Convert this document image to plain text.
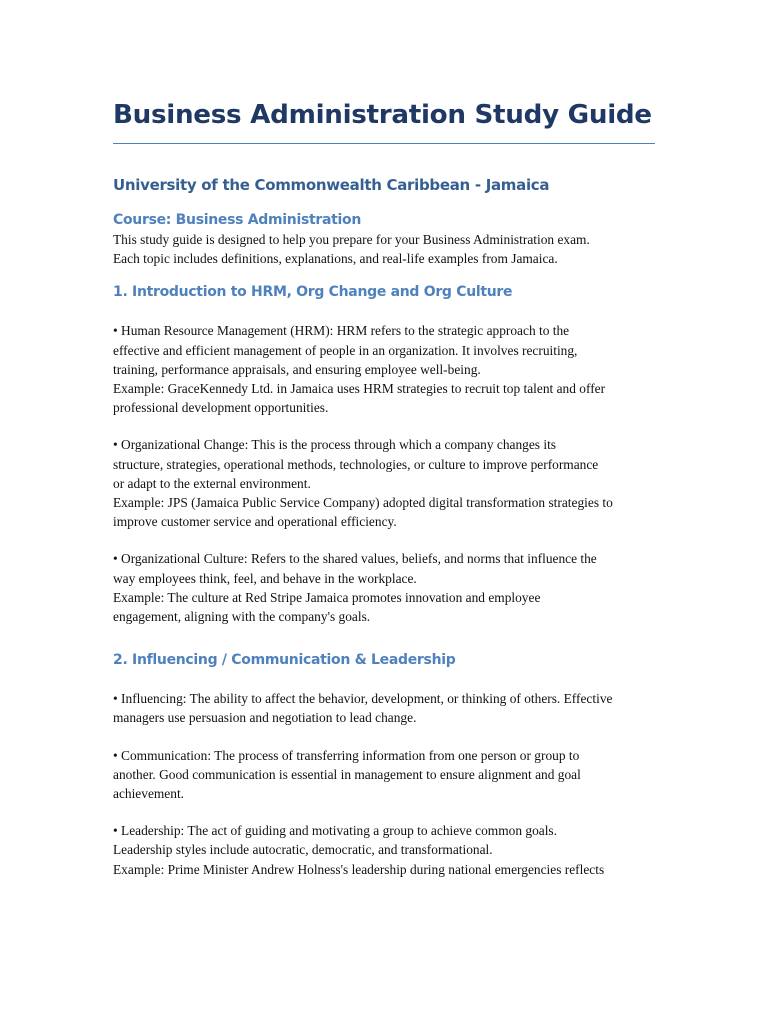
Business Administration Study Guide
University of the Commonwealth Caribbean - Jamaica
Course: Business Administration

This study guide is designed to help you prepare for your Business Administration exam.
Each topic includes definitions, explanations, and real-life examples from Jamaica.

1. Introduction to HRM, Org Change and Org Culture

• Human Resource Management (HRM): HRM refers to the strategic approach to the
effective and efficient management of people in an organization. It involves recruiting,
training, performance appraisals, and ensuring employee well-being.
Example: GraceKennedy Ltd. in Jamaica uses HRM strategies to recruit top talent and offer
professional development opportunities.

• Organizational Change: This is the process through which a company changes its
structure, strategies, operational methods, technologies, or culture to improve performance
or adapt to the external environment.
Example: JPS (Jamaica Public Service Company) adopted digital transformation strategies to
improve customer service and operational efficiency.

• Organizational Culture: Refers to the shared values, beliefs, and norms that influence the
way employees think, feel, and behave in the workplace.
Example: The culture at Red Stripe Jamaica promotes innovation and employee
engagement, aligning with the company's goals.

2. Influencing / Communication & Leadership

• Influencing: The ability to affect the behavior, development, or thinking of others. Effective
managers use persuasion and negotiation to lead change.

• Communication: The process of transferring information from one person or group to
another. Good communication is essential in management to ensure alignment and goal
achievement.

• Leadership: The act of guiding and motivating a group to achieve common goals.
Leadership styles include autocratic, democratic, and transformational.
Example: Prime Minister Andrew Holness's leadership during national emergencies reflects
